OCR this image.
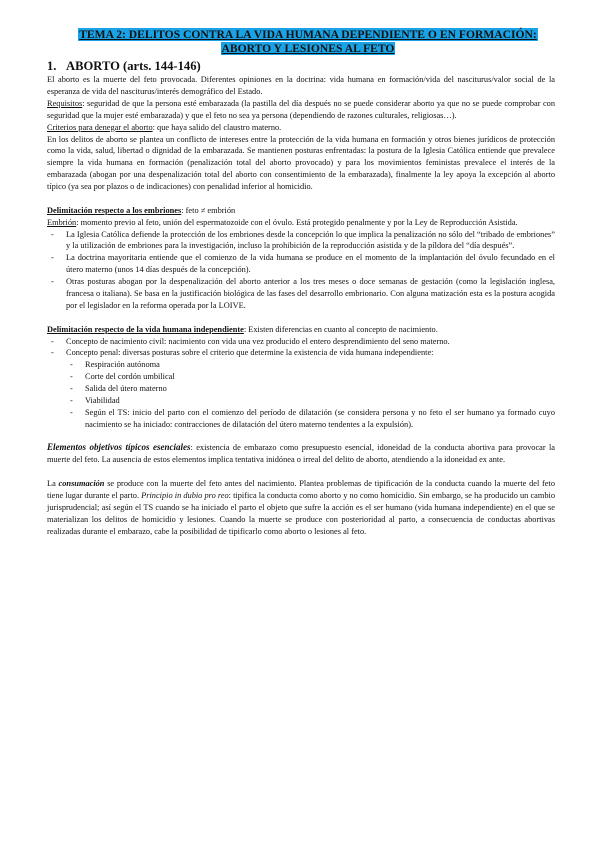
TEMA 2: DELITOS CONTRA LA VIDA HUMANA DEPENDIENTE O EN FORMACIÓN:
ABORTO Y LESIONES AL FETO
1. ABORTO (arts. 144-146)

El aborto es la muerte del feto provocada. Diferentes opiniones en la doctrina: vida humana en formación/vida del nasciturus/valor social de la esperanza de vida del nasciturus/interés demográfico del Estado.

Requisitos: seguridad de que la persona esté embarazada (la pastilla del día después no se puede considerar aborto ya que no se puede comprobar con seguridad que la mujer esté embarazada) y que el feto no sea ya persona (dependiendo de razones culturales, religiosas…).

Criterios para denegar el aborto: que haya salido del claustro materno.

En los delitos de aborto se plantea un conflicto de intereses entre la protección de la vida humana en formación y otros bienes jurídicos de protección como la vida, salud, libertad o dignidad de la embarazada. Se mantienen posturas enfrentadas: la postura de la Iglesia Católica entiende que prevalece siempre la vida humana en formación (penalización total del aborto provocado) y para los movimientos feministas prevalece el interés de la embarazada (abogan por una despenalización total del aborto con consentimiento de la embarazada), finalmente la ley apoya la excepción al aborto típico (ya sea por plazos o de indicaciones) con penalidad inferior al homicidio.

Delimitación respecto a los embriones: feto ≠ embrión

Embrión: momento previo al feto, unión del espermatozoide con el óvulo. Está protegido penalmente y por la Ley de Reproducción Asistida.

- La Iglesia Católica defiende la protección de los embriones desde la concepción lo que implica la penalización no sólo del “tribado de embriones” y la utilización de embriones para la investigación, incluso la prohibición de la reproducción asistida y de la píldora del “día después”.
- La doctrina mayoritaria entiende que el comienzo de la vida humana se produce en el momento de la implantación del óvulo fecundado en el útero materno (unos 14 días después de la concepción).
- Otras posturas abogan por la despenalización del aborto anterior a los tres meses o doce semanas de gestación (como la legislación inglesa, francesa o italiana). Se basa en la justificación biológica de las fases del desarrollo embrionario. Con alguna matización esta es la postura acogida por el legislador en la reforma operada por la LOIVE.

Delimitación respecto de la vida humana independiente: Existen diferencias en cuanto al concepto de nacimiento.

- Concepto de nacimiento civil: nacimiento con vida una vez producido el entero desprendimiento del seno materno.
- Concepto penal: diversas posturas sobre el criterio que determine la existencia de vida humana independiente:
- Respiración autónoma
- Corte del cordón umbilical
- Salida del útero materno
- Viabilidad
- Según el TS: inicio del parto con el comienzo del período de dilatación (se considera persona y no feto el ser humano ya formado cuyo nacimiento se ha iniciado: contracciones de dilatación del útero materno tendentes a la expulsión).

Elementos objetivos típicos esenciales: existencia de embarazo como presupuesto esencial, idoneidad de la conducta abortiva para provocar la muerte del feto. La ausencia de estos elementos implica tentativa inidónea o irreal del delito de aborto, atendiendo a la idoneidad ex ante.

La consumación se produce con la muerte del feto antes del nacimiento. Plantea problemas de tipificación de la conducta cuando la muerte del feto tiene lugar durante el parto. Principio in dubio pro reo: tipifica la conducta como aborto y no como homicidio. Sin embargo, se ha producido un cambio jurisprudencial; así según el TS cuando se ha iniciado el parto el objeto que sufre la acción es el ser humano (vida humana independiente) en el que se materializan los delitos de homicidio y lesiones. Cuando la muerte se produce con posterioridad al parto, a consecuencia de conductas abortivas realizadas durante el embarazo, cabe la posibilidad de tipificarlo como aborto o lesiones al feto.
